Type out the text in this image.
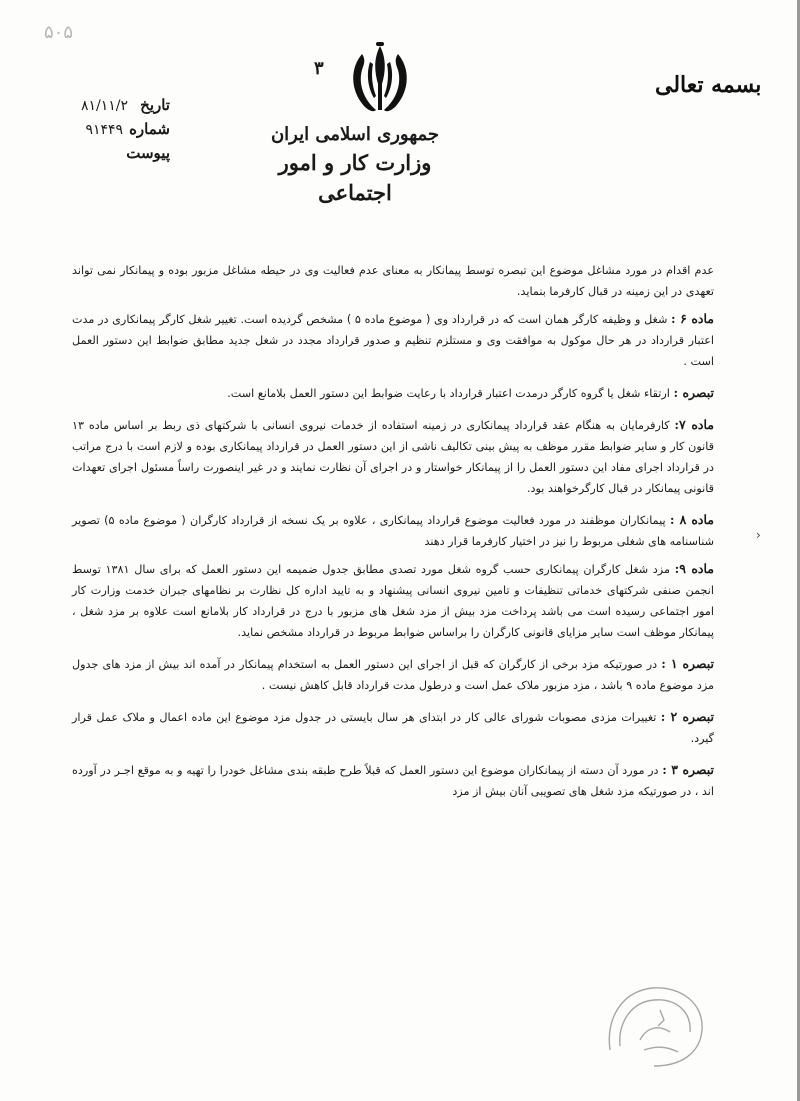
۵۰۵
بسمه تعالی
تاریخ
۸۱/۱۱/۲
شماره
۹۱۴۴۹
پیوست
۳
جمهوری اسلامی ایران
وزارت کار و امور اجتماعی

عدم اقدام در مورد مشاغل موضوع این تبصره توسط پیمانکار به معنای عدم فعالیت وی در حیطه مشاغل مزبور بوده و پیمانکار نمی تواند تعهدی در این زمینه در قبال کارفرما بنماید.

ماده ۶ : شغل و وظیفه کارگر همان است که در قرارداد وی ( موضوع ماده ۵ ) مشخص گردیده است. تغییر شغل کارگر پیمانکاری در مدت اعتبار قرارداد در هر حال موکول به موافقت وی و مستلزم تنظیم و صدور قرارداد مجدد در شغل جدید مطابق ضوابط این دستور العمل است .

تبصره : ارتقاء شغل یا گروه کارگر درمدت اعتبار قرارداد با رعایت ضوابط این دستور العمل بلامانع است.

ماده ۷: کارفرمایان به هنگام عقد قرارداد پیمانکاری در زمینه استفاده از خدمات نیروی انسانی با شرکتهای ذی ربط بر اساس ماده ۱۳ قانون کار و سایر ضوابط مقرر موظف به پیش بینی تکالیف ناشی از این دستور العمل در قرارداد پیمانکاری بوده و لازم است با درج مراتب در قرارداد اجرای مفاد این دستور العمل را از پیمانکار خواستار و در اجرای آن نظارت نمایند و در غیر اینصورت راساً مسئول اجرای تعهدات قانونی پیمانکار در قبال کارگرخواهند بود.

ماده ۸ : پیمانکاران موظفند در مورد فعالیت موضوع قرارداد پیمانکاری ، علاوه بر یک نسخه از قرارداد کارگران ( موضوع ماده ۵) تصویر شناسنامه های شغلی مربوط را نیز در اختیار کارفرما قرار دهند

ماده ۹: مزد شغل کارگران پیمانکاری حسب گروه شغل مورد تصدی مطابق جدول ضمیمه این دستور العمل که برای سال ۱۳۸۱ توسط انجمن صنفی شرکتهای خدماتی تنظیفات و تامین نیروی انسانی پیشنهاد و به تایید اداره کل نظارت بر نظامهای جبران خدمت وزارت کار امور اجتماعی رسیده است می باشد پرداخت مزد بیش از مزد شغل های مزبور با درج در قرارداد کار بلامانع است علاوه بر مزد شغل ، پیمانکار موظف است سایر مزایای قانونی کارگران را براساس ضوابط مربوط در قرارداد مشخص نماید.

تبصره ۱ : در صورتیکه مزد برخی از کارگران که قبل از اجرای این دستور العمل به استخدام پیمانکار در آمده اند بیش از مزد های جدول مزد موضوع ماده ۹ باشد ، مزد مزبور ملاک عمل است و درطول مدت قرارداد قابل کاهش نیست .

تبصره ۲ : تغییرات مزدی مصوبات شورای عالی کار در ابتدای هر سال بایستی در جدول مزد موضوع این ماده اعمال و ملاک عمل قرار گیرد.

تبصره ۳ : در مورد آن دسته از پیمانکاران موضوع این دستور العمل که قبلاً طرح طبقه بندی مشاغل خودرا را تهیه و به موقع اجـر در آورده اند ، در صورتیکه مزد شغل های تصویبی آنان بیش از مزد

›
